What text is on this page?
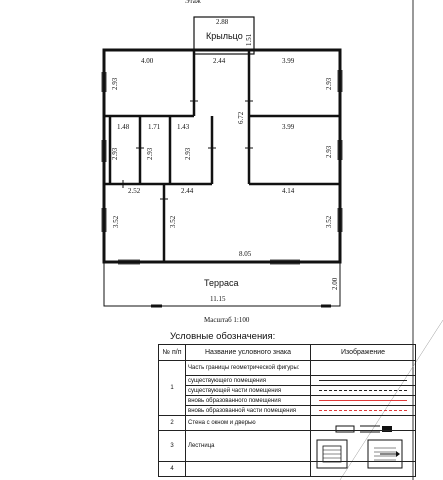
Этаж
2.88
Крыльцо 1.51
Терраса
11.15
2.00
4.00
2.93
3.99
2.93
2.44
6.72
1.48
2.93
1.71
2.93
1.43
2.93
3.99
2.93
2.52
3.52
2.44
3.52
4.14
3.52
8.05
Масштаб 1:100
Условные обозначения:
№ п/п	Название условного знака	Изображение
1	Часть границы геометрической фигуры:	
	существующего помещения	

	существующей части помещения	

	вновь образованного помещения	

	вновь образованной части помещения	

2	Стена с окном и дверью	
3	Лестница	
4		
